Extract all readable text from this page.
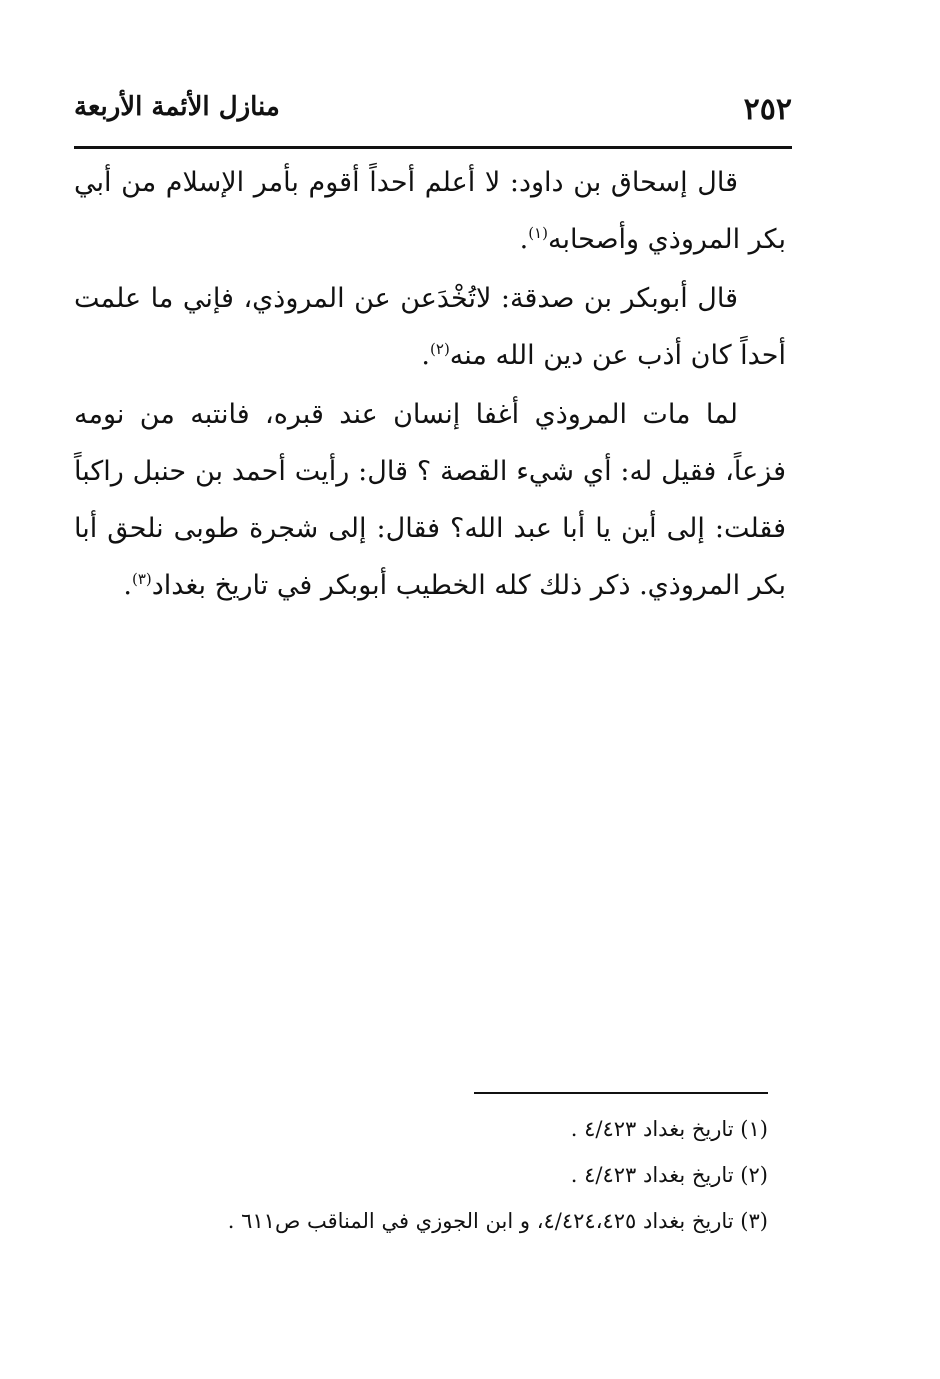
٢٥٢
منازل الأئمة الأربعة

قال إسحاق بن داود: لا أعلم أحداً أقوم بأمر الإسلام من أبي بكر المروذي وأصحابه$^{(١)}$.

قال أبوبكر بن صدقة: لاتُخْدَعن عن المروذي، فإني ما علمت أحداً كان أذب عن دين الله منه$^{(٢)}$.

لما مات المروذي أغفا إنسان عند قبره، فانتبه من نومه فزعاً، فقيل له: أي شيء القصة ؟ قال: رأيت أحمد بن حنبل راكباً فقلت: إلى أين يا أبا عبد الله؟ فقال: إلى شجرة طوبى نلحق أبا بكر المروذي. ذكر ذلك كله الخطيب أبوبكر في تاريخ بغداد$^{(٣)}$.

(١) تاريخ بغداد ٤/٤٢٣ .
(٢) تاريخ بغداد ٤/٤٢٣ .
(٣) تاريخ بغداد ٤/٤٢٤،٤٢٥، و ابن الجوزي في المناقب ص٦١١ .
